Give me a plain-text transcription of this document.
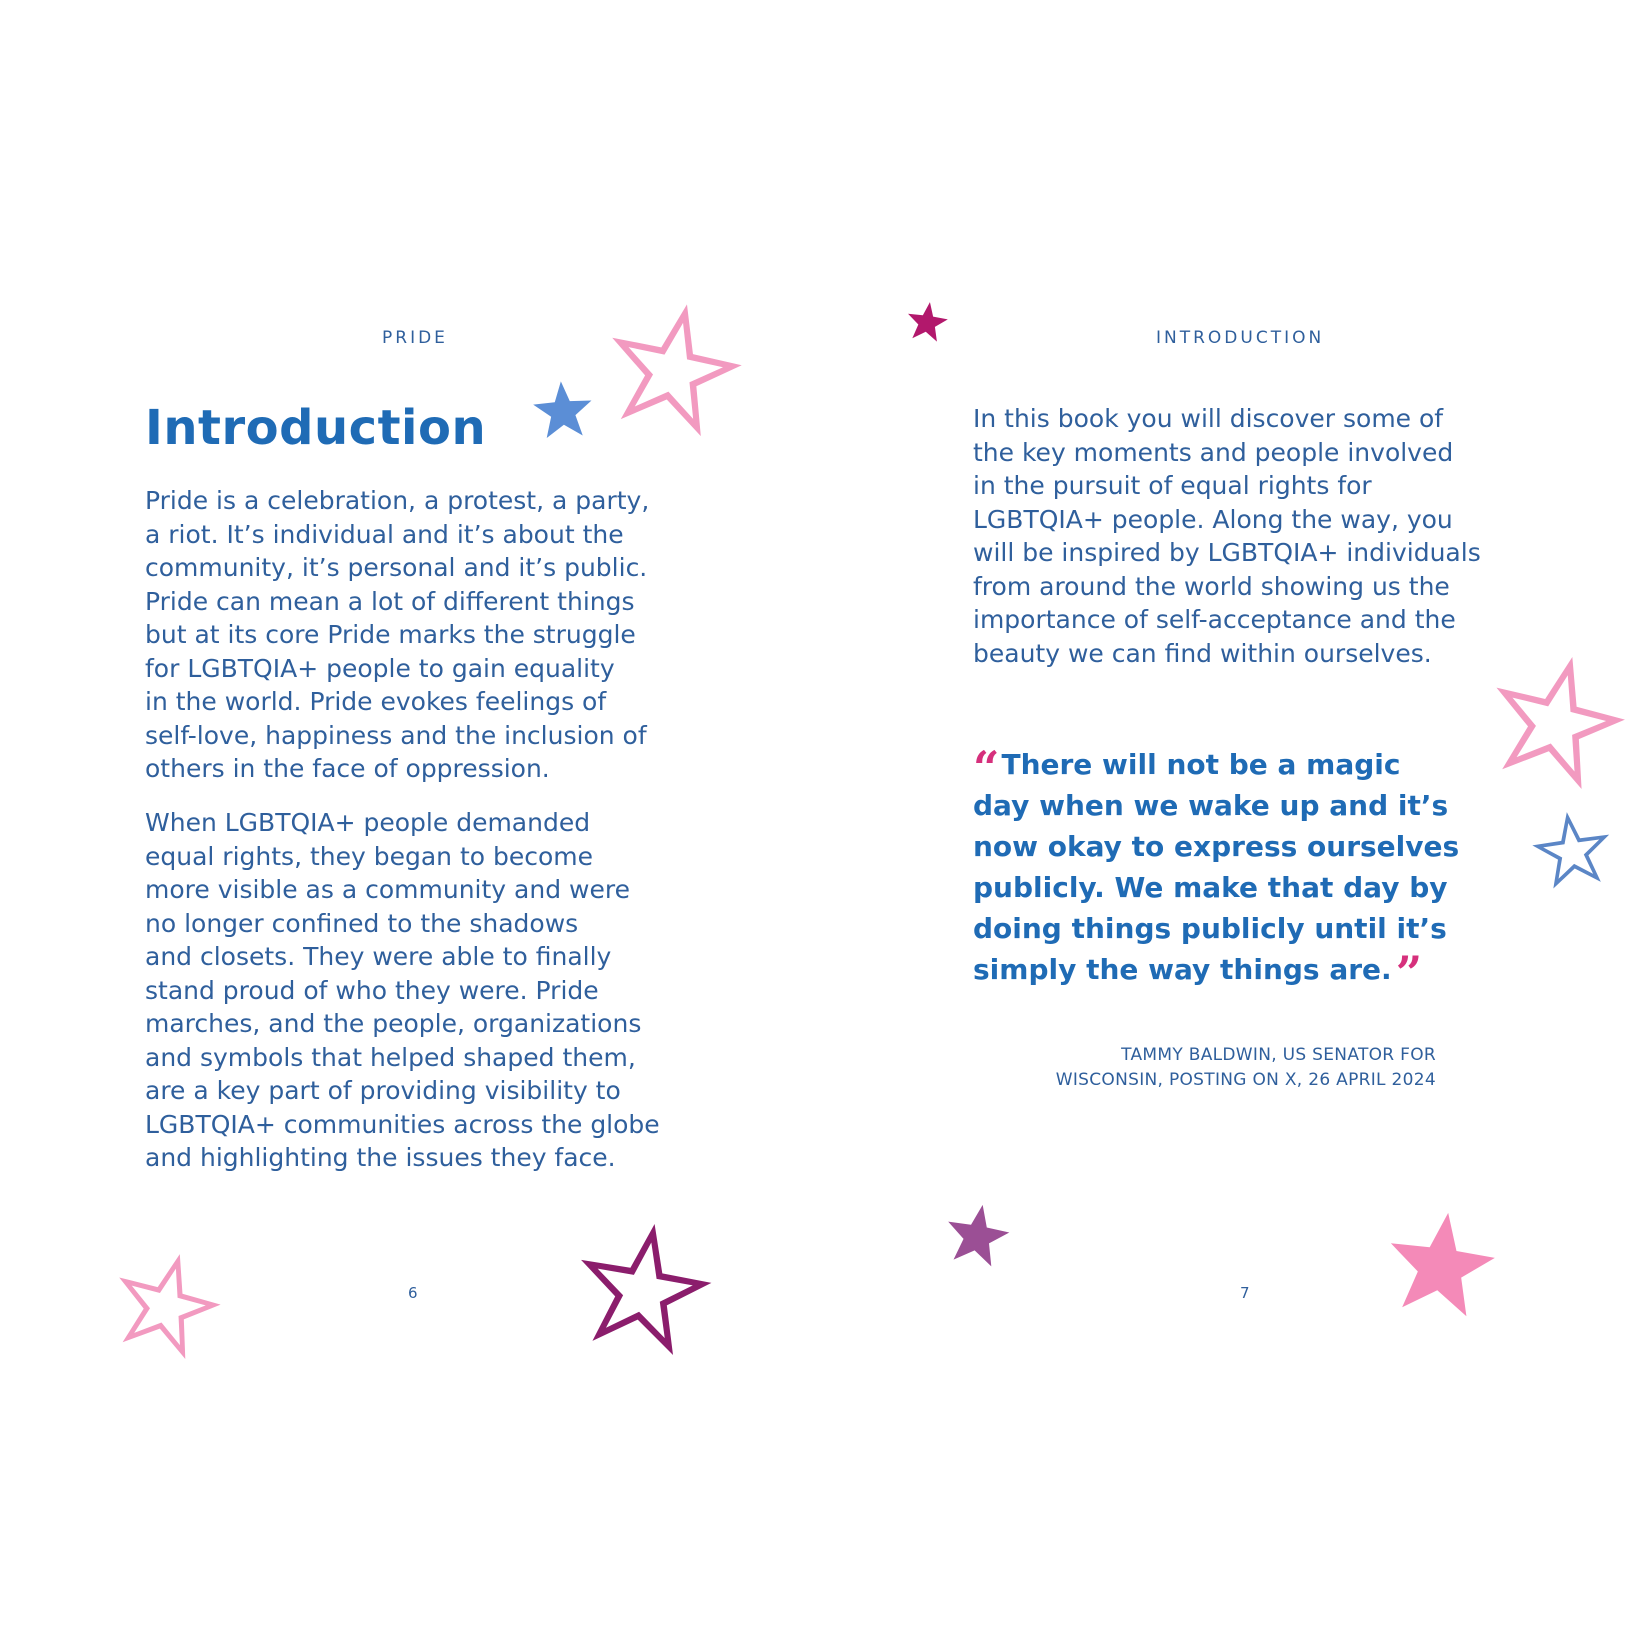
PRIDE
Introduction

Pride is a celebration, a protest, a party,
a riot. It’s individual and it’s about the
community, it’s personal and it’s public.
Pride can mean a lot of different things
but at its core Pride marks the struggle
for LGBTQIA+ people to gain equality
in the world. Pride evokes feelings of
self-love, happiness and the inclusion of
others in the face of oppression.

When LGBTQIA+ people demanded
equal rights, they began to become
more visible as a community and were
no longer confined to the shadows
and closets. They were able to finally
stand proud of who they were. Pride
marches, and the people, organizations
and symbols that helped shaped them,
are a key part of providing visibility to
LGBTQIA+ communities across the globe
and highlighting the issues they face.

6
INTRODUCTION

In this book you will discover some of
the key moments and people involved
in the pursuit of equal rights for
LGBTQIA+ people. Along the way, you
will be inspired by LGBTQIA+ individuals
from around the world showing us the
importance of self-acceptance and the
beauty we can find within ourselves.

“There will not be a magic
day when we wake up and it’s
now okay to express ourselves
publicly. We make that day by
doing things publicly until it’s
simply the way things are.”

TAMMY BALDWIN, US SENATOR FOR
WISCONSIN, POSTING ON X, 26 APRIL 2024
7
